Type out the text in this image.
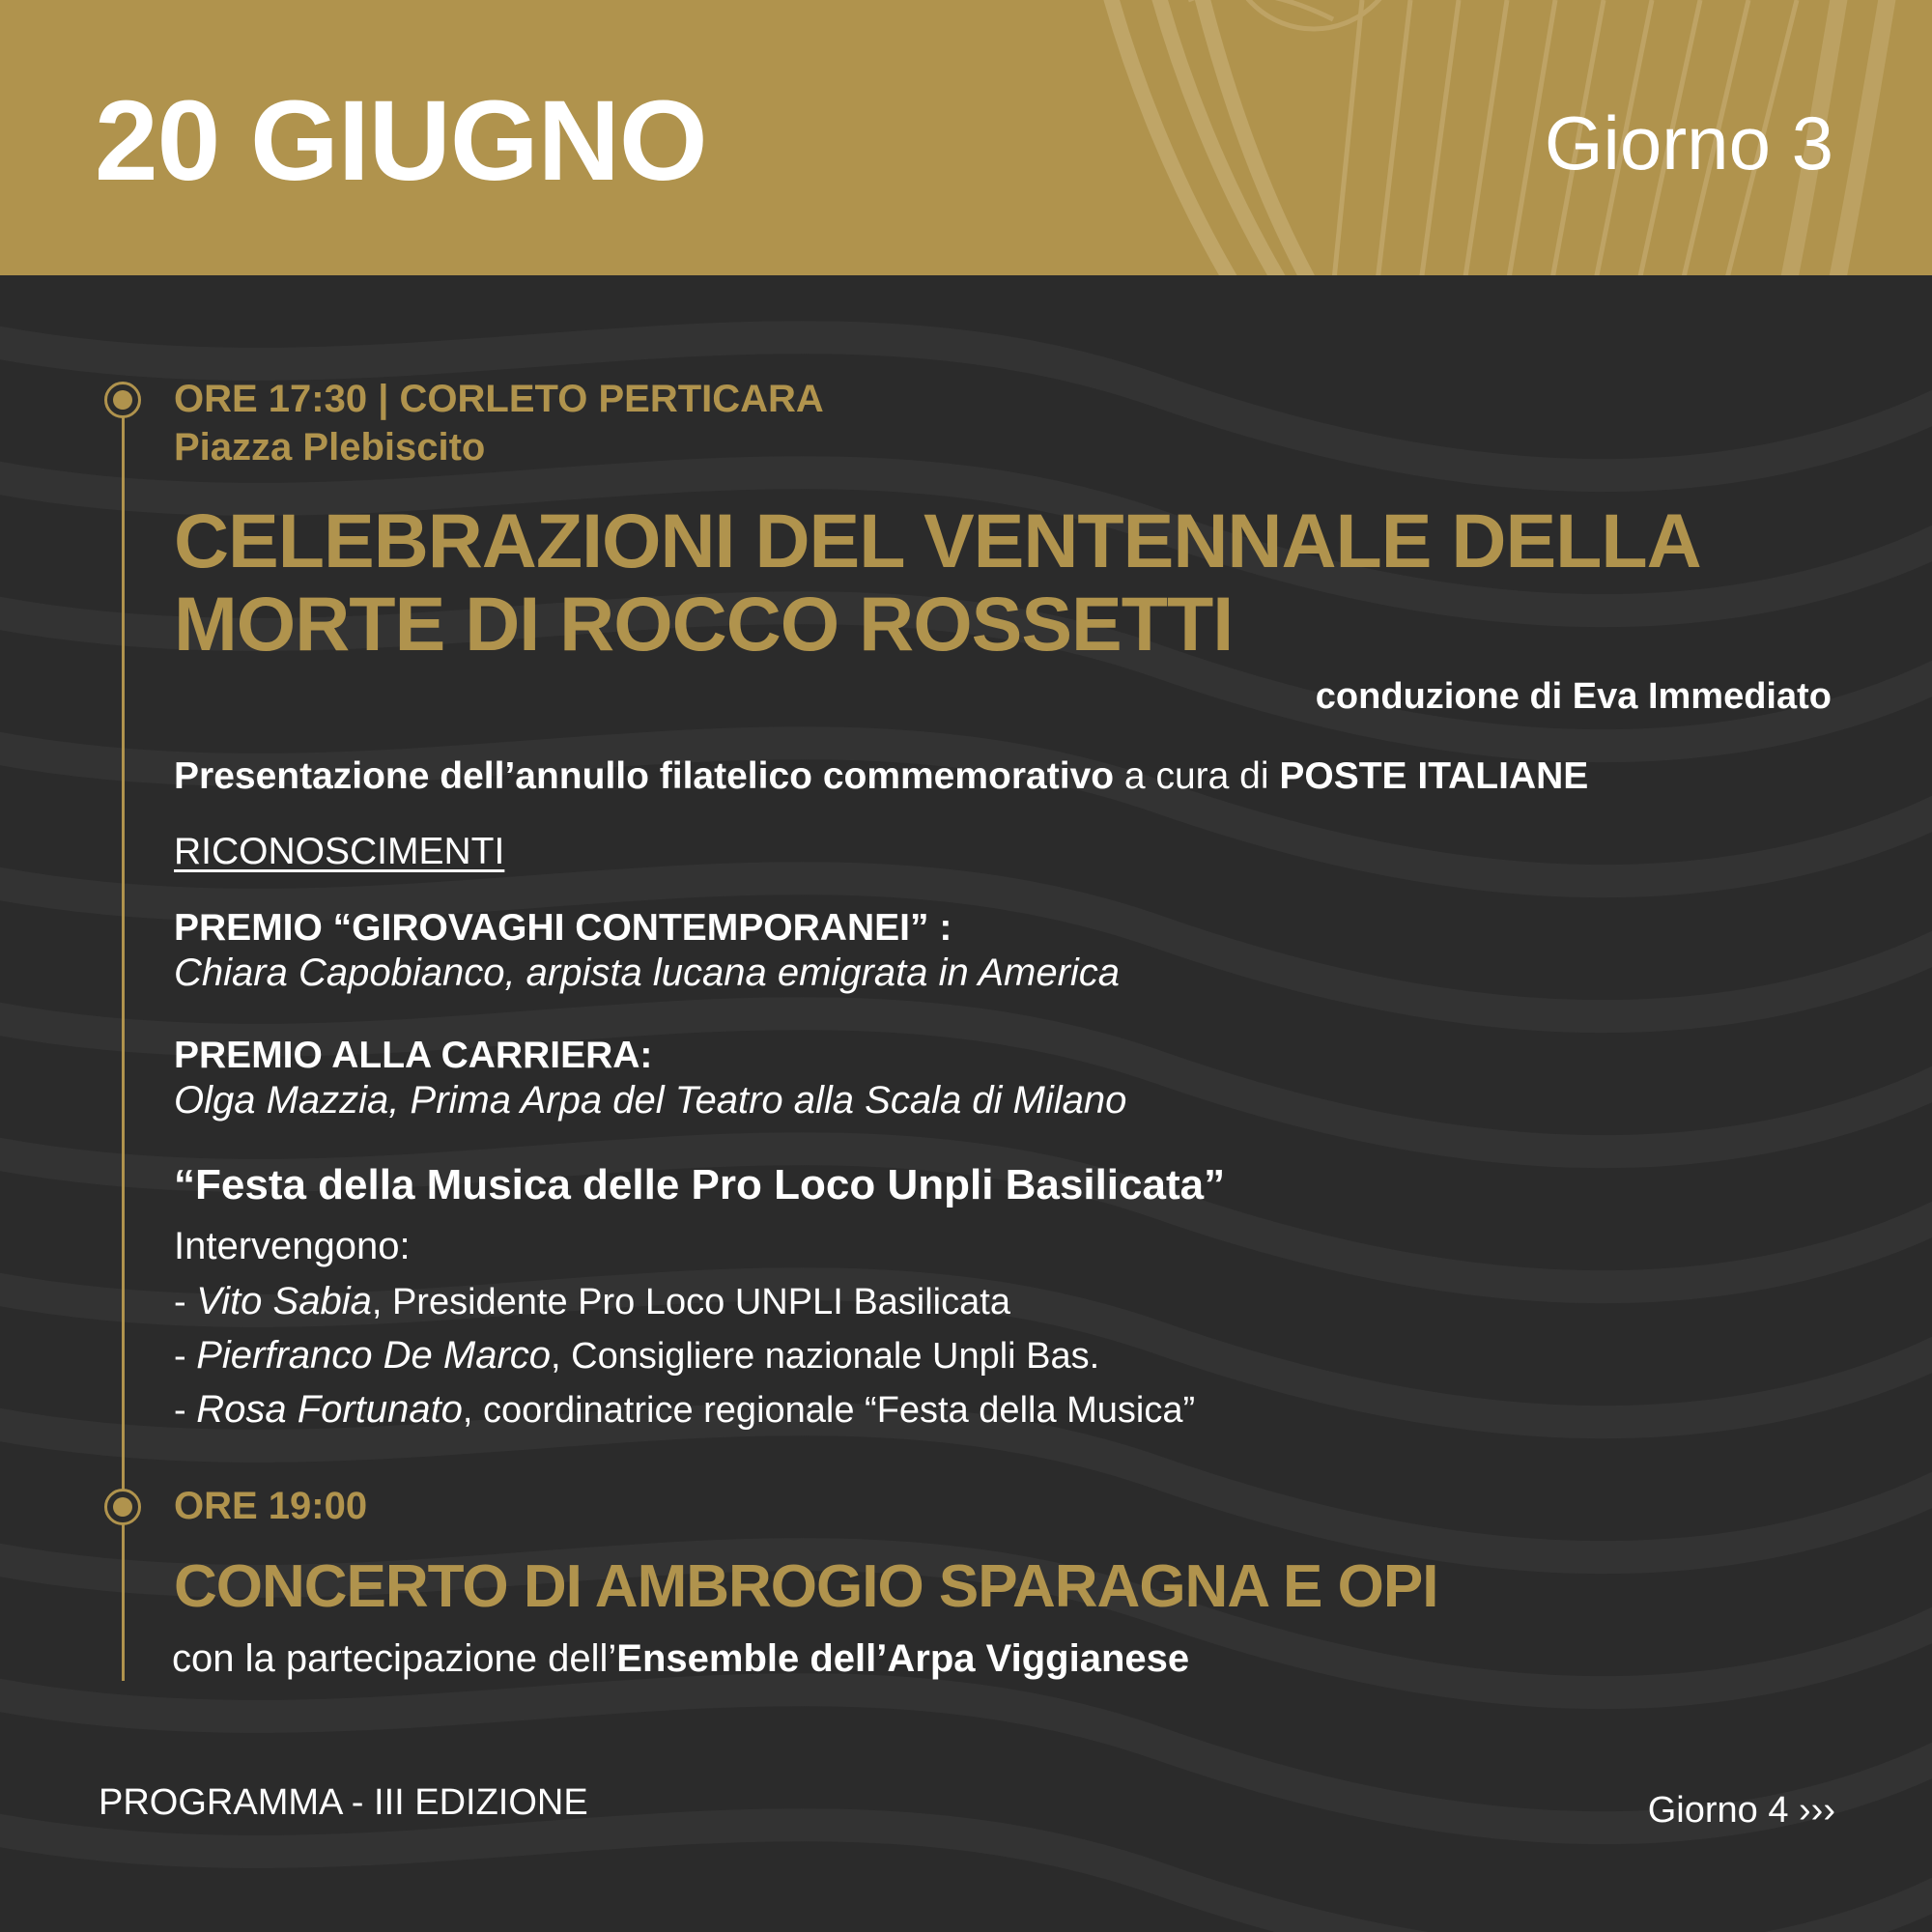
20 GIUGNO	Giorno 3
ORE 17:30 | CORLETO PERTICARA
Piazza Plebiscito
CELEBRAZIONI DEL VENTENNALE DELLA
MORTE DI ROCCO ROSSETTI
conduzione di Eva Immediato
Presentazione dell’annullo filatelico commemorativo a cura di POSTE ITALIANE
RICONOSCIMENTI
PREMIO “GIROVAGHI CONTEMPORANEI” :
Chiara Capobianco, arpista lucana emigrata in America
PREMIO ALLA CARRIERA:
Olga Mazzia, Prima Arpa del Teatro alla Scala di Milano
“Festa della Musica delle Pro Loco Unpli Basilicata”
Intervengono:
- Vito Sabia, Presidente Pro Loco UNPLI Basilicata
- Pierfranco De Marco, Consigliere nazionale Unpli Bas.
- Rosa Fortunato, coordinatrice regionale “Festa della Musica”
ORE 19:00
CONCERTO DI AMBROGIO SPARAGNA E OPI
con la partecipazione dell’Ensemble dell’Arpa Viggianese
PROGRAMMA - III EDIZIONE	Giorno 4 ›››
